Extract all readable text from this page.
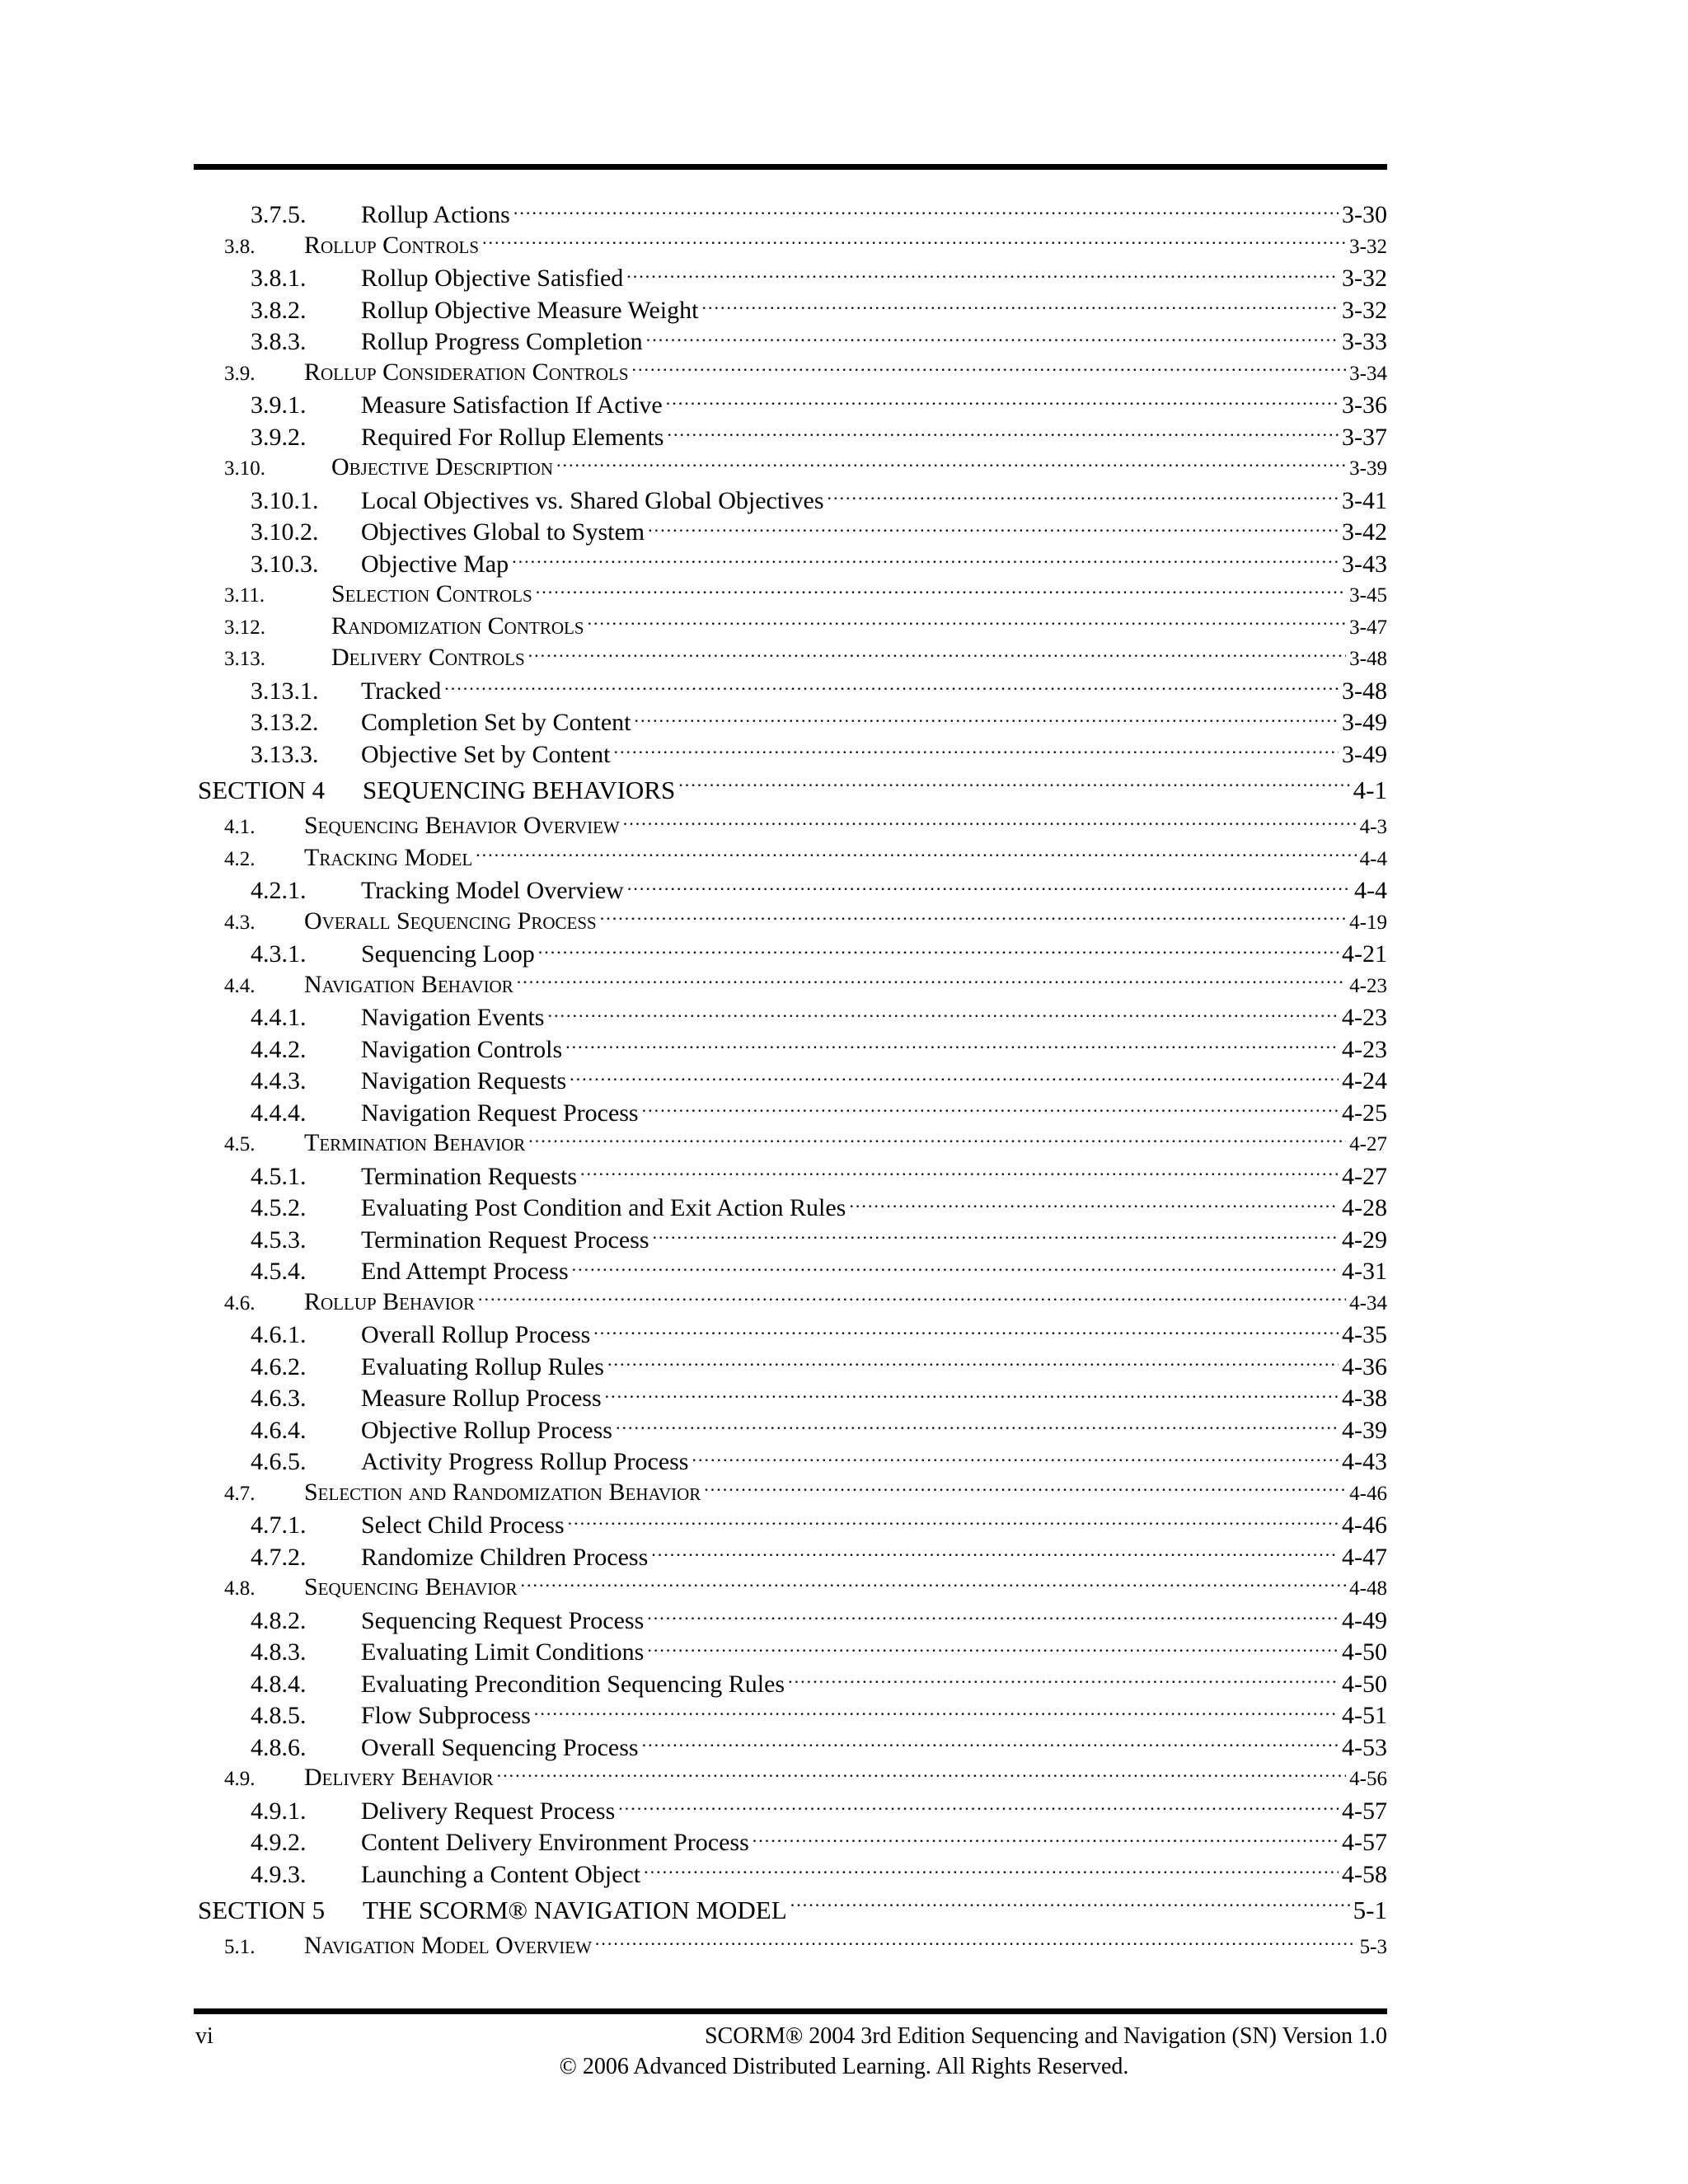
3.7.5.	Rollup Actions .....	3-30
3.8.	Rollup Controls .....	3-32
3.8.1.	Rollup Objective Satisfied .....	3-32
3.8.2.	Rollup Objective Measure Weight .....	3-32
3.8.3.	Rollup Progress Completion .....	3-33
3.9.	Rollup Consideration Controls .....	3-34
3.9.1.	Measure Satisfaction If Active .....	3-36
3.9.2.	Required For Rollup Elements .....	3-37
3.10.	Objective Description .....	3-39
3.10.1.	Local Objectives vs. Shared Global Objectives .....	3-41
3.10.2.	Objectives Global to System .....	3-42
3.10.3.	Objective Map .....	3-43
3.11.	Selection Controls .....	3-45
3.12.	Randomization Controls .....	3-47
3.13.	Delivery Controls .....	3-48
3.13.1.	Tracked .....	3-48
3.13.2.	Completion Set by Content .....	3-49
3.13.3.	Objective Set by Content .....	3-49
SECTION 4	SEQUENCING BEHAVIORS .....	4-1
4.1.	Sequencing Behavior Overview .....	4-3
4.2.	Tracking Model .....	4-4
4.2.1.	Tracking Model Overview .....	4-4
4.3.	Overall Sequencing Process .....	4-19
4.3.1.	Sequencing Loop .....	4-21
4.4.	Navigation Behavior .....	4-23
4.4.1.	Navigation Events .....	4-23
4.4.2.	Navigation Controls .....	4-23
4.4.3.	Navigation Requests .....	4-24
4.4.4.	Navigation Request Process .....	4-25
4.5.	Termination Behavior .....	4-27
4.5.1.	Termination Requests .....	4-27
4.5.2.	Evaluating Post Condition and Exit Action Rules .....	4-28
4.5.3.	Termination Request Process .....	4-29
4.5.4.	End Attempt Process .....	4-31
4.6.	Rollup Behavior .....	4-34
4.6.1.	Overall Rollup Process .....	4-35
4.6.2.	Evaluating Rollup Rules .....	4-36
4.6.3.	Measure Rollup Process .....	4-38
4.6.4.	Objective Rollup Process .....	4-39
4.6.5.	Activity Progress Rollup Process .....	4-43
4.7.	Selection and Randomization Behavior .....	4-46
4.7.1.	Select Child Process .....	4-46
4.7.2.	Randomize Children Process .....	4-47
4.8.	Sequencing Behavior .....	4-48
4.8.2.	Sequencing Request Process .....	4-49
4.8.3.	Evaluating Limit Conditions .....	4-50
4.8.4.	Evaluating Precondition Sequencing Rules .....	4-50
4.8.5.	Flow Subprocess .....	4-51
4.8.6.	Overall Sequencing Process .....	4-53
4.9.	Delivery Behavior .....	4-56
4.9.1.	Delivery Request Process .....	4-57
4.9.2.	Content Delivery Environment Process .....	4-57
4.9.3.	Launching a Content Object .....	4-58
SECTION 5	THE SCORM® NAVIGATION MODEL .....	5-1
5.1.	Navigation Model Overview .....	5-3
vi	SCORM® 2004 3rd Edition Sequencing and Navigation (SN) Version 1.0
© 2006 Advanced Distributed Learning. All Rights Reserved.
